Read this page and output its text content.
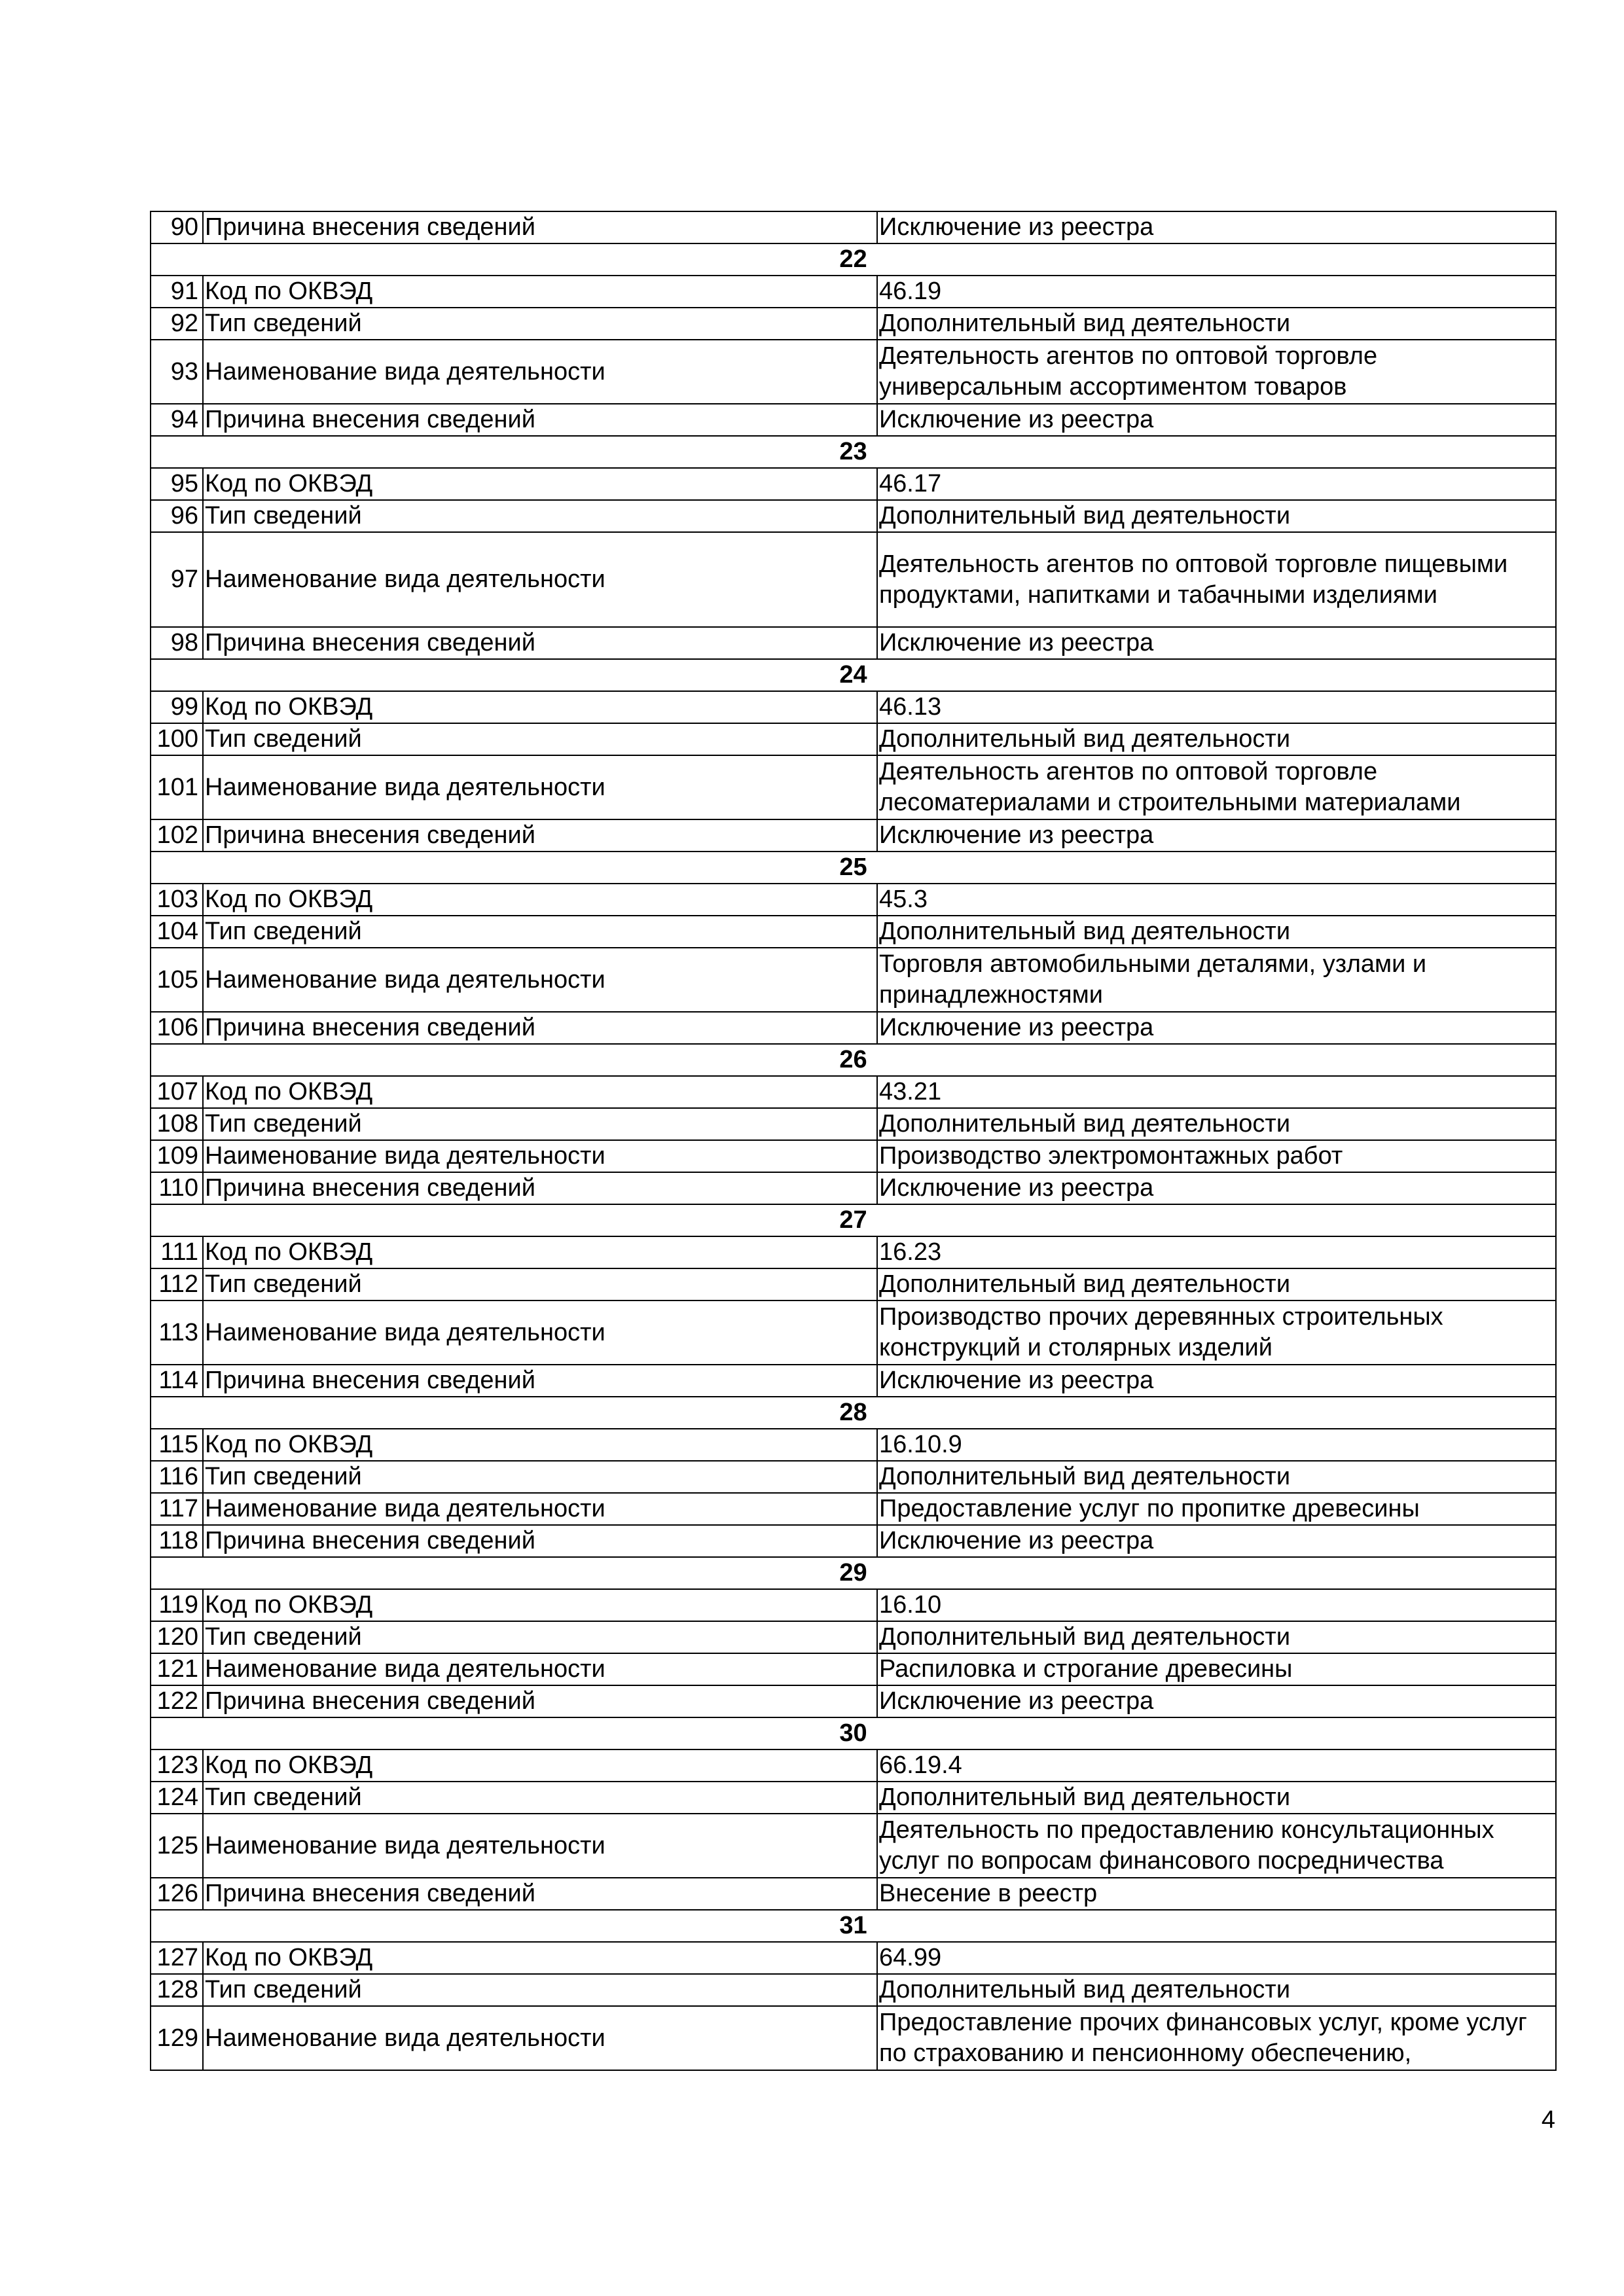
90	Причина внесения сведений	Исключение из реестра
22		
91	Код по ОКВЭД	46.19
92	Тип сведений	Дополнительный вид деятельности
93	Наименование вида деятельности	Деятельность агентов по оптовой торговле универсальным ассортиментом товаров
94	Причина внесения сведений	Исключение из реестра
23		
95	Код по ОКВЭД	46.17
96	Тип сведений	Дополнительный вид деятельности
97	Наименование вида деятельности	Деятельность агентов по оптовой торговле пищевыми продуктами, напитками и табачными изделиями
98	Причина внесения сведений	Исключение из реестра
24		
99	Код по ОКВЭД	46.13
100	Тип сведений	Дополнительный вид деятельности
101	Наименование вида деятельности	Деятельность агентов по оптовой торговле лесоматериалами и строительными материалами
102	Причина внесения сведений	Исключение из реестра
25		
103	Код по ОКВЭД	45.3
104	Тип сведений	Дополнительный вид деятельности
105	Наименование вида деятельности	Торговля автомобильными деталями, узлами и принадлежностями
106	Причина внесения сведений	Исключение из реестра
26		
107	Код по ОКВЭД	43.21
108	Тип сведений	Дополнительный вид деятельности
109	Наименование вида деятельности	Производство электромонтажных работ
110	Причина внесения сведений	Исключение из реестра
27		
111	Код по ОКВЭД	16.23
112	Тип сведений	Дополнительный вид деятельности
113	Наименование вида деятельности	Производство прочих деревянных строительных конструкций и столярных изделий
114	Причина внесения сведений	Исключение из реестра
28		
115	Код по ОКВЭД	16.10.9
116	Тип сведений	Дополнительный вид деятельности
117	Наименование вида деятельности	Предоставление услуг по пропитке древесины
118	Причина внесения сведений	Исключение из реестра
29		
119	Код по ОКВЭД	16.10
120	Тип сведений	Дополнительный вид деятельности
121	Наименование вида деятельности	Распиловка и строгание древесины
122	Причина внесения сведений	Исключение из реестра
30		
123	Код по ОКВЭД	66.19.4
124	Тип сведений	Дополнительный вид деятельности
125	Наименование вида деятельности	Деятельность по предоставлению консультационных услуг по вопросам финансового посредничества
126	Причина внесения сведений	Внесение в реестр
31		
127	Код по ОКВЭД	64.99
128	Тип сведений	Дополнительный вид деятельности
129	Наименование вида деятельности	Предоставление прочих финансовых услуг, кроме услуг по страхованию и пенсионному обеспечению,
4
